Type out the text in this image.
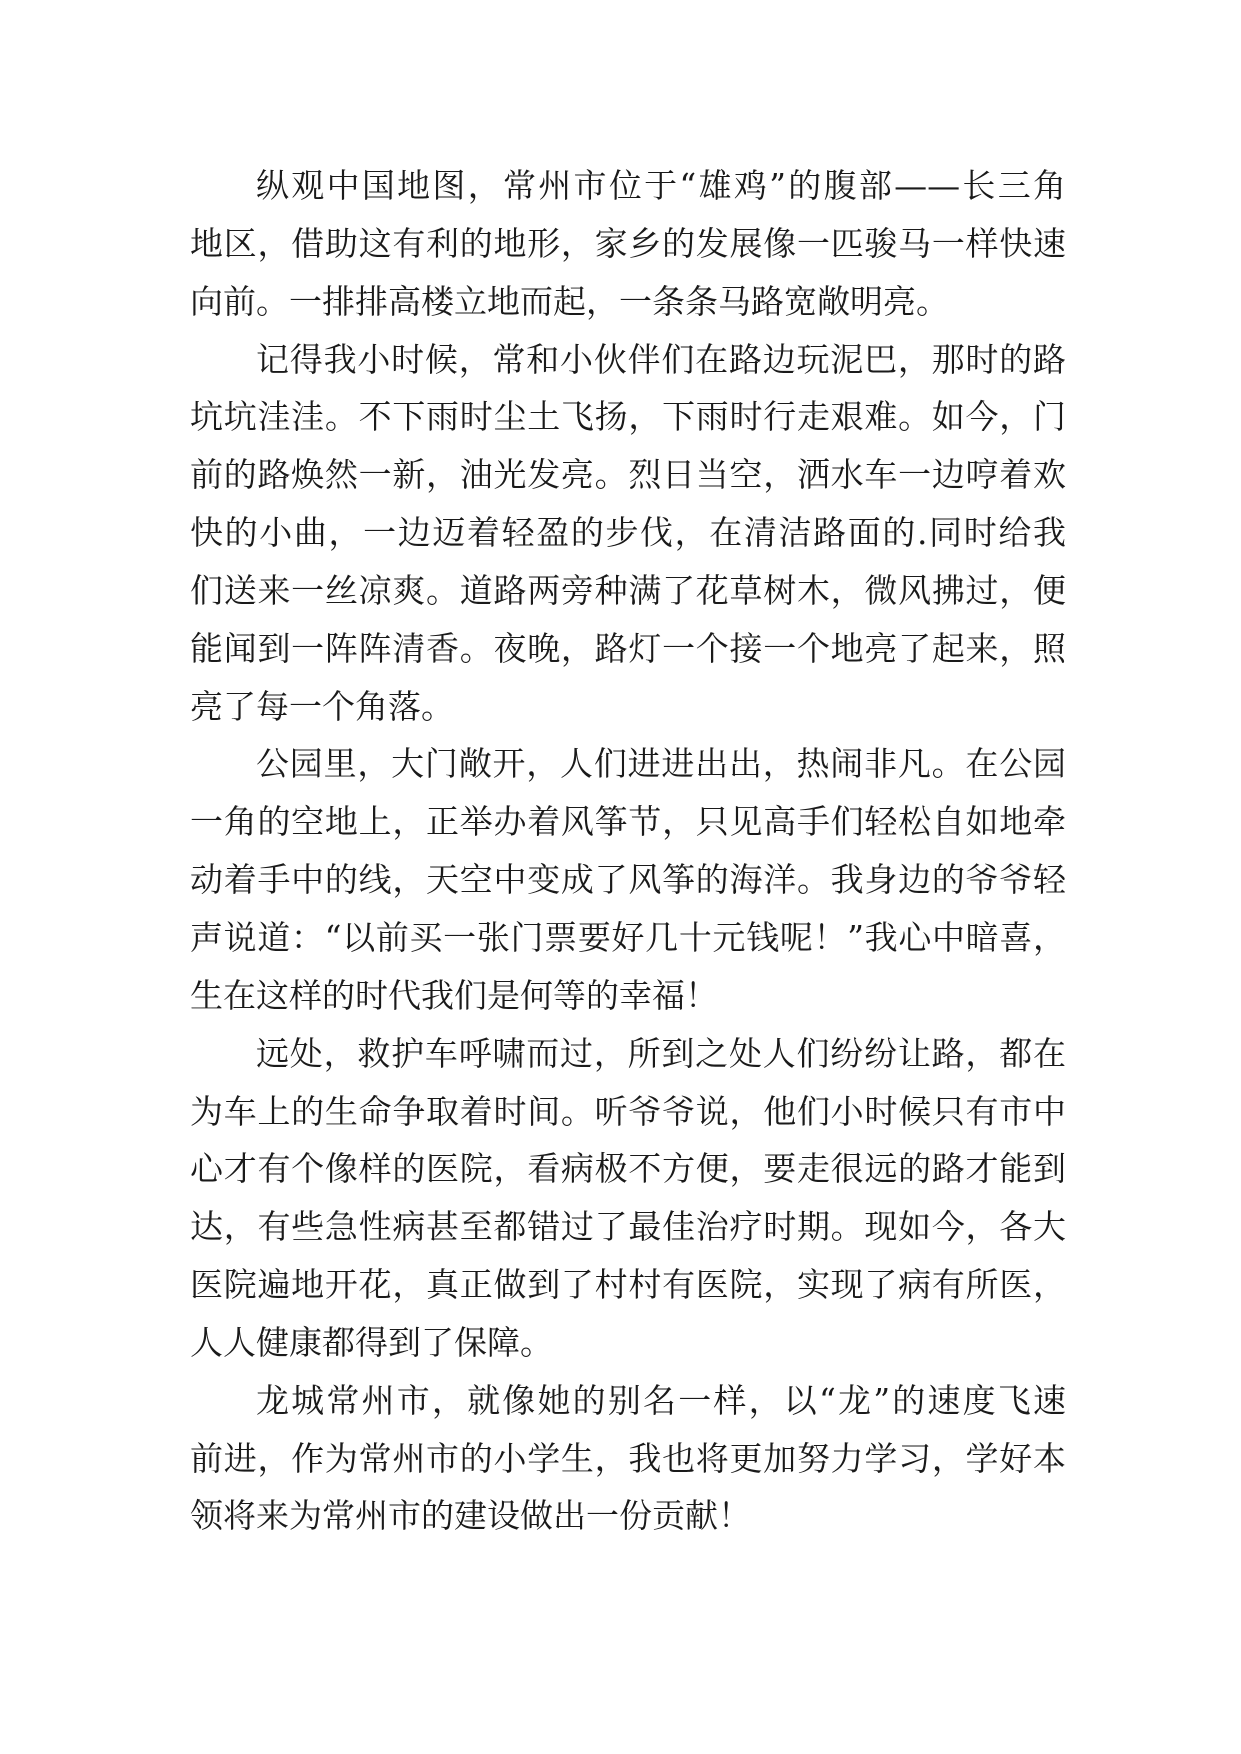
纵观中国地图，常州市位于“雄鸡”的腹部——长三角
地区，借助这有利的地形，家乡的发展像一匹骏马一样快速
向前。一排排高楼立地而起，一条条马路宽敞明亮。

记得我小时候，常和小伙伴们在路边玩泥巴，那时的路
坑坑洼洼。不下雨时尘土飞扬，下雨时行走艰难。如今，门
前的路焕然一新，油光发亮。烈日当空，洒水车一边哼着欢
快的小曲，一边迈着轻盈的步伐，在清洁路面的.同时给我
们送来一丝凉爽。道路两旁种满了花草树木，微风拂过，便
能闻到一阵阵清香。夜晚，路灯一个接一个地亮了起来，照
亮了每一个角落。

公园里，大门敞开，人们进进出出，热闹非凡。在公园
一角的空地上，正举办着风筝节，只见高手们轻松自如地牵
动着手中的线，天空中变成了风筝的海洋。我身边的爷爷轻
声说道：“以前买一张门票要好几十元钱呢！”我心中暗喜，
生在这样的时代我们是何等的幸福！

远处，救护车呼啸而过，所到之处人们纷纷让路，都在
为车上的生命争取着时间。听爷爷说，他们小时候只有市中
心才有个像样的医院，看病极不方便，要走很远的路才能到
达，有些急性病甚至都错过了最佳治疗时期。现如今，各大
医院遍地开花，真正做到了村村有医院，实现了病有所医，
人人健康都得到了保障。

龙城常州市，就像她的别名一样，以“龙”的速度飞速
前进，作为常州市的小学生，我也将更加努力学习，学好本
领将来为常州市的建设做出一份贡献！
